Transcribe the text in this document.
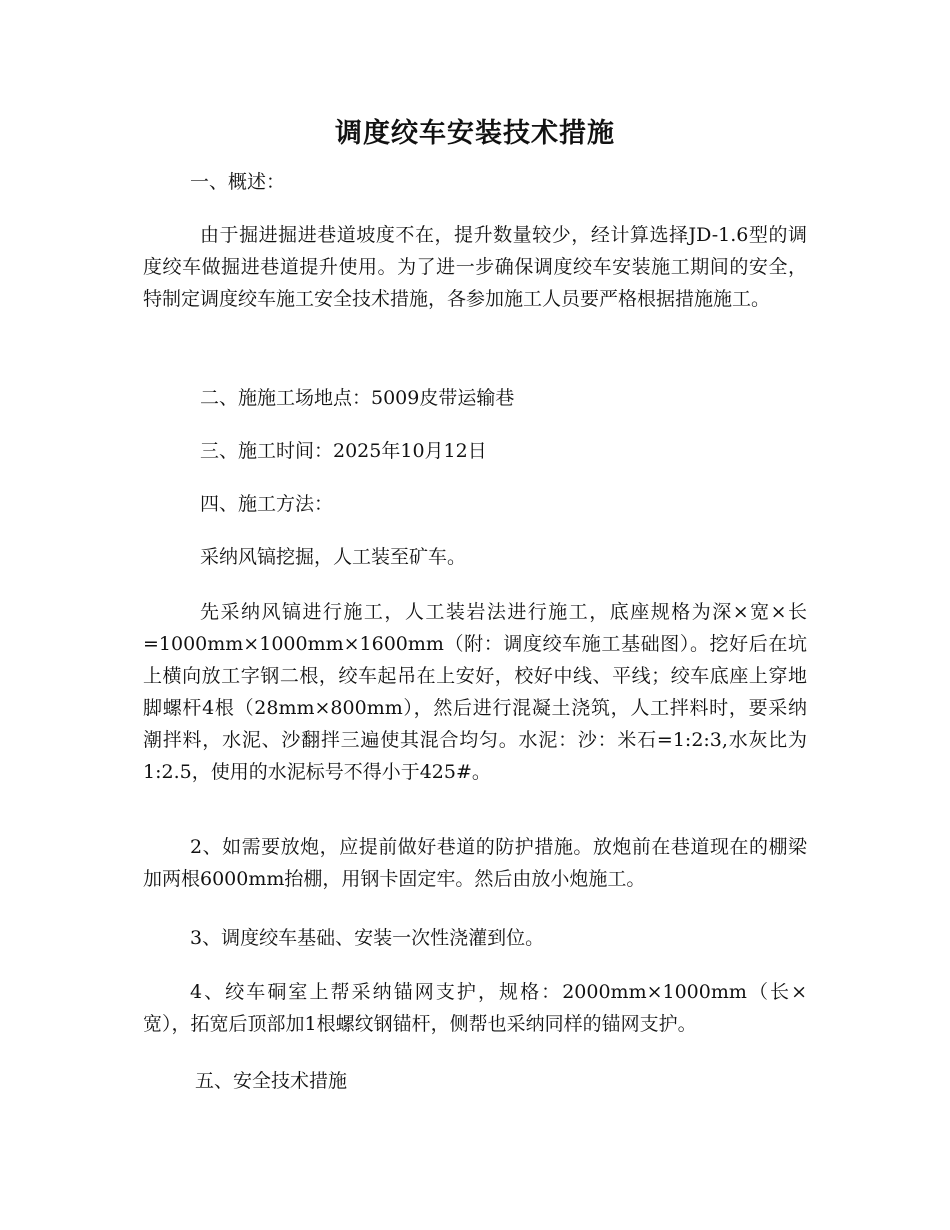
调度绞车安装技术措施

一、概述：

由于掘进掘进巷道坡度不在，提升数量较少，经计算选择JD-1.6型的调度绞车做掘进巷道提升使用。为了进一步确保调度绞车安装施工期间的安全，特制定调度绞车施工安全技术措施，各参加施工人员要严格根据措施施工。

二、施施工场地点：5009皮带运输巷

三、施工时间：2025年10月12日

四、施工方法：

采纳风镐挖掘，人工装至矿车。

先采纳风镐进行施工，人工装岩法进行施工，底座规格为深×宽×长=1000mm×1000mm×1600mm（附：调度绞车施工基础图）。挖好后在坑上横向放工字钢二根，绞车起吊在上安好，校好中线、平线；绞车底座上穿地脚螺杆4根（28mm×800mm），然后进行混凝土浇筑，人工拌料时，要采纳潮拌料，水泥、沙翻拌三遍使其混合均匀。水泥：沙：米石=1:2:3,水灰比为1:2.5，使用的水泥标号不得小于425#。

2、如需要放炮，应提前做好巷道的防护措施。放炮前在巷道现在的棚梁加两根6000mm抬棚，用钢卡固定牢。然后由放小炮施工。

3、调度绞车基础、安装一次性浇灌到位。

4、绞车硐室上帮采纳锚网支护，规格：2000mm×1000mm（长×宽），拓宽后顶部加1根螺纹钢锚杆，侧帮也采纳同样的锚网支护。

五、安全技术措施
